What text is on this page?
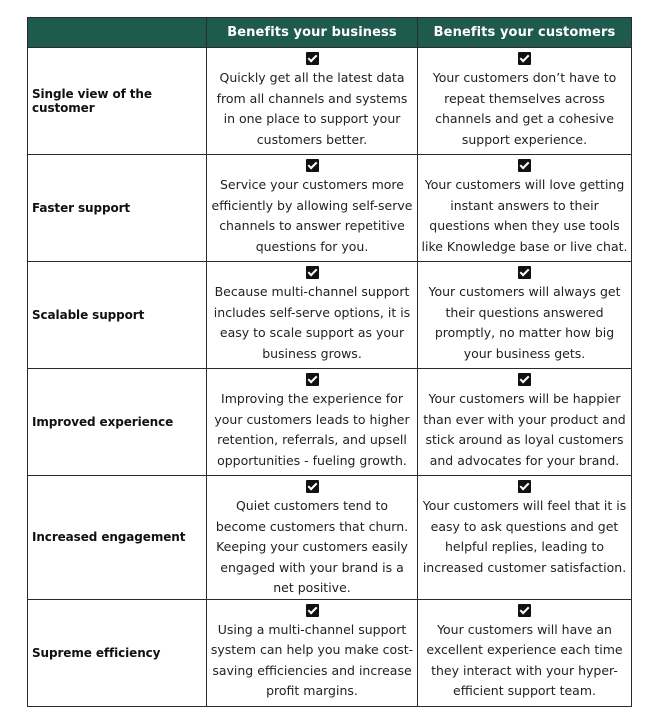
	Benefits your business	Benefits your customers
Single view of the customer	Quickly get all the latest data from all channels and systems in one place to support your customers better.	Your customers don’t have to repeat themselves across channels and get a cohesive support experience.

Faster support	Service your customers more efficiently by allowing self-serve channels to answer repetitive questions for you.	Your customers will love getting instant answers to their questions when they use tools like Knowledge base or live chat.

Scalable support	Because multi-channel support includes self-serve options, it is easy to scale support as your business grows.	Your customers will always get their questions answered promptly, no matter how big your business gets.

Improved experience	Improving the experience for your customers leads to higher retention, referrals, and upsell opportunities - fueling growth.	Your customers will be happier than ever with your product and stick around as loyal customers and advocates for your brand.

Increased engagement	Quiet customers tend to become customers that churn. Keeping your customers easily engaged with your brand is a net positive.	Your customers will feel that it is easy to ask questions and get helpful replies, leading to increased customer satisfaction.

Supreme efficiency	Using a multi-channel support system can help you make cost-saving efficiencies and increase profit margins.	Your customers will have an excellent experience each time they interact with your hyper-efficient support team.
